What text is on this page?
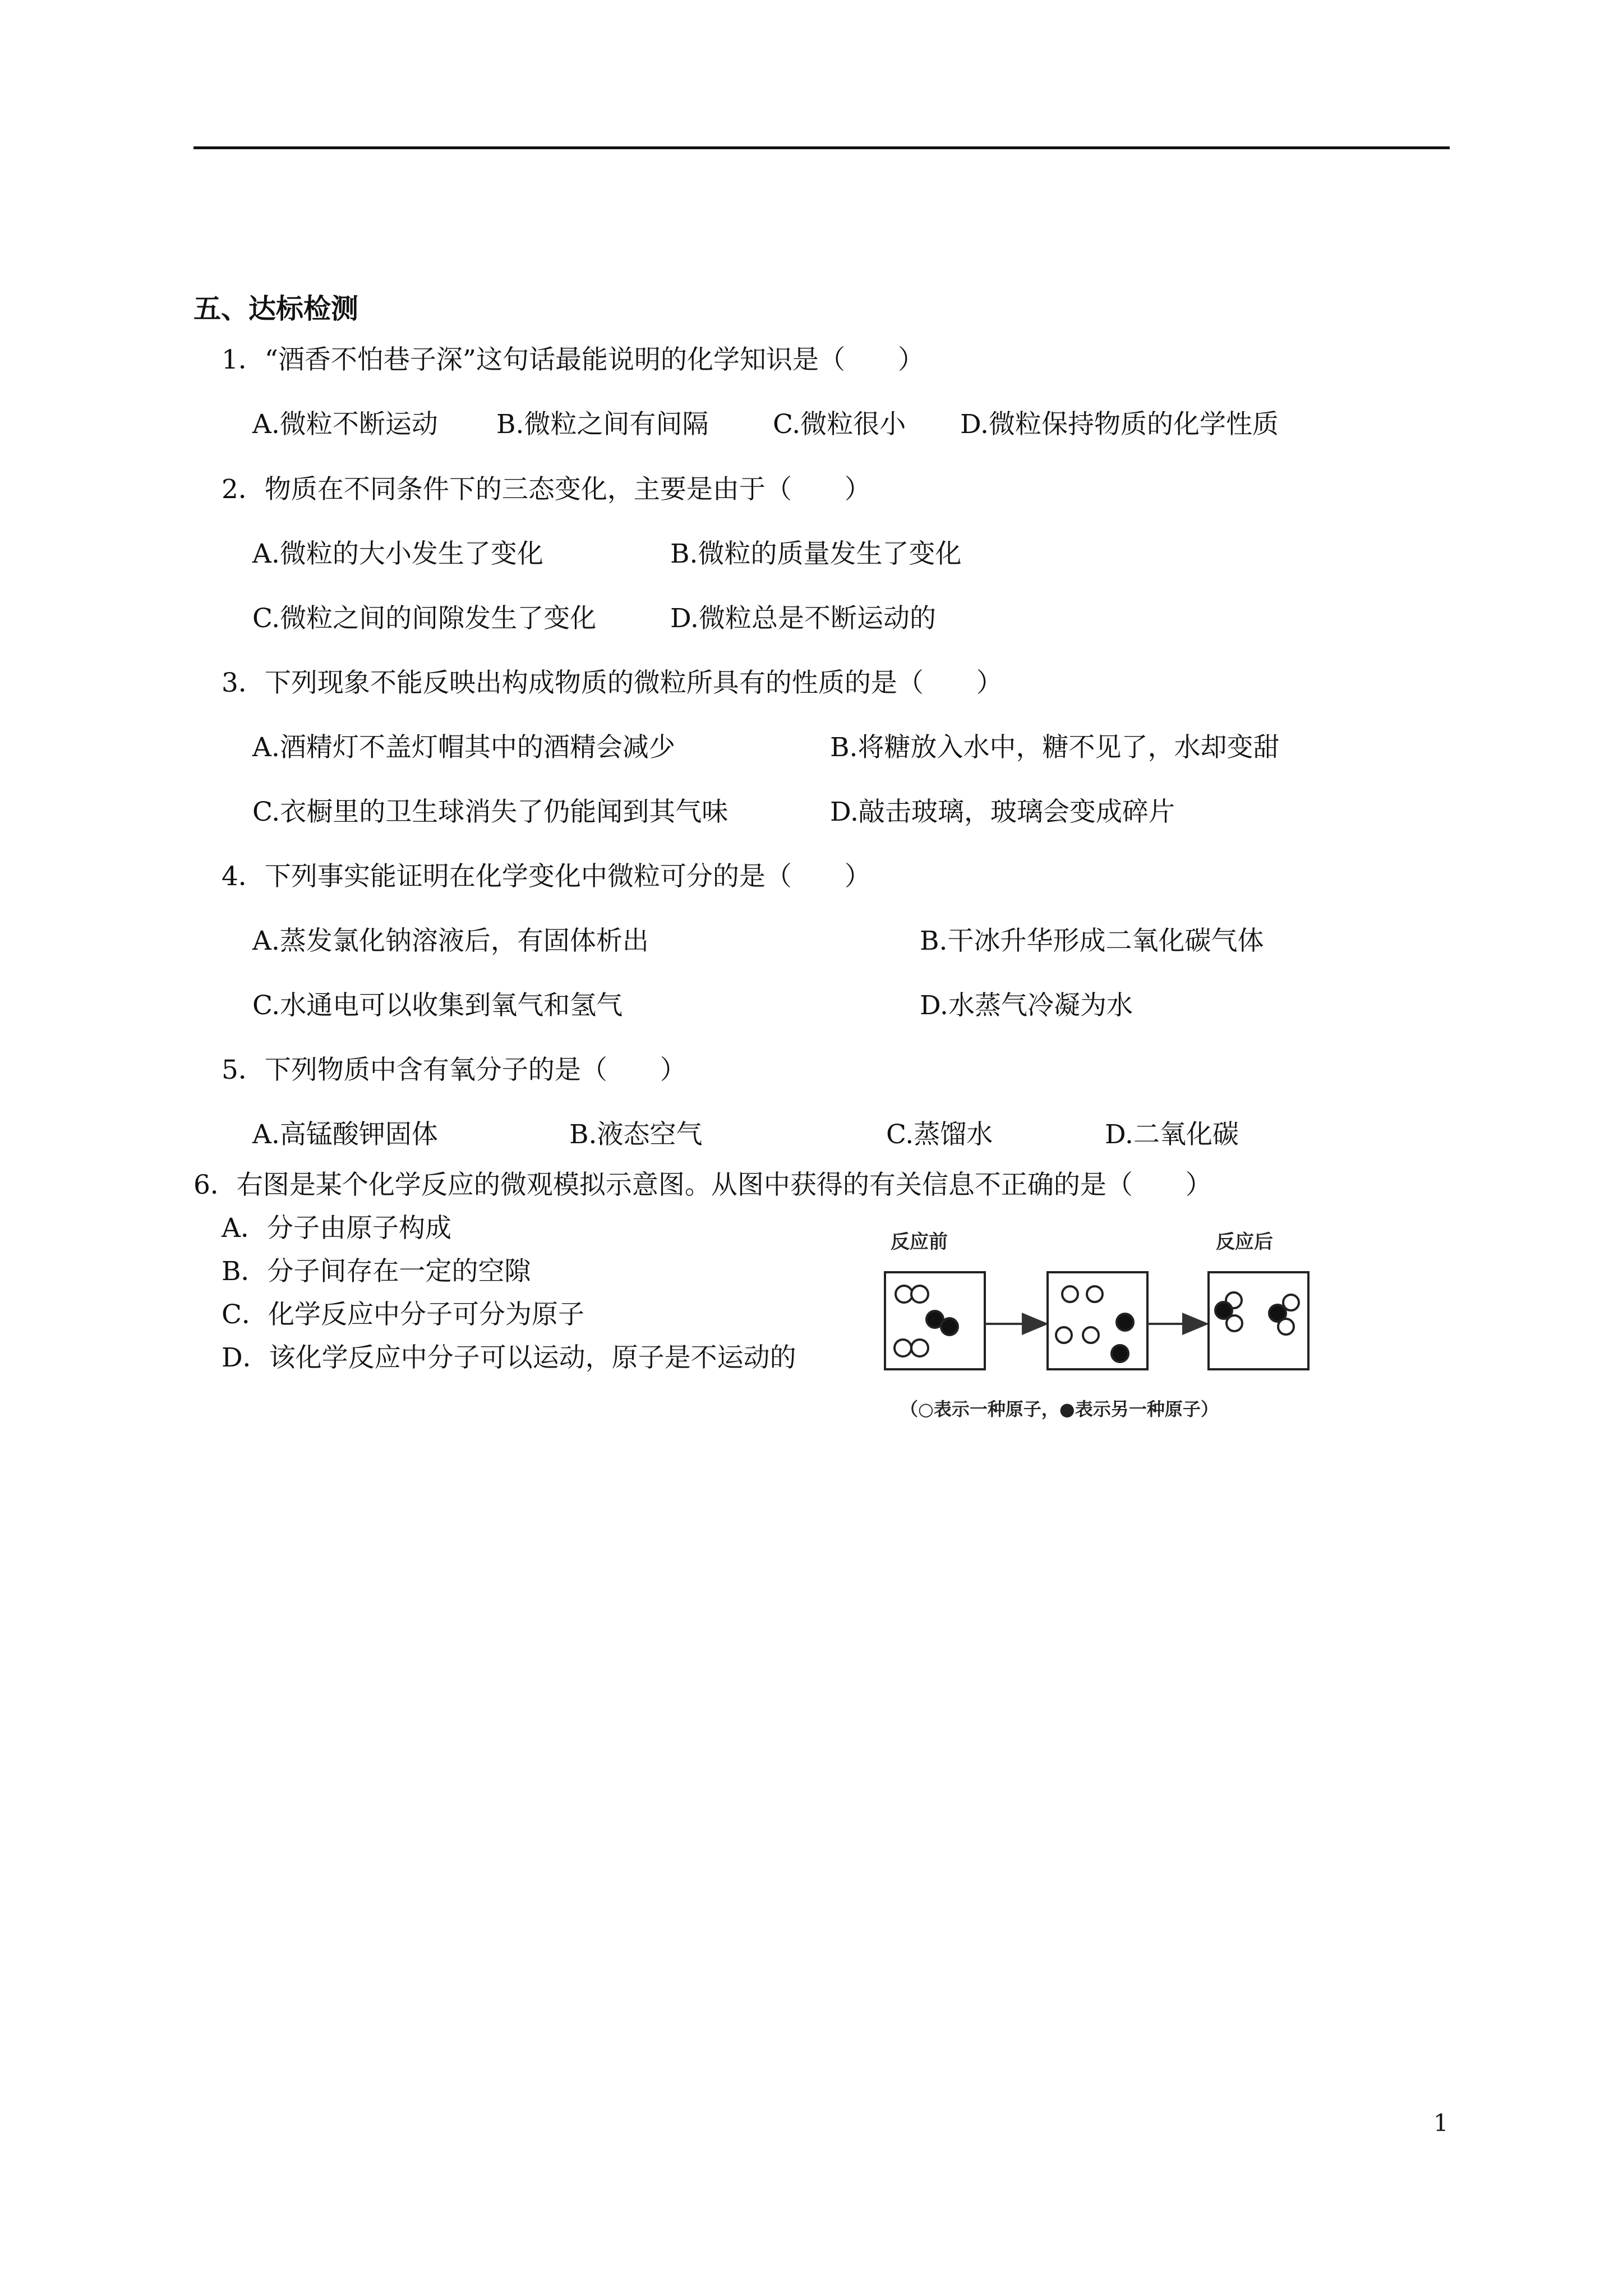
五、达标检测
1．“酒香不怕巷子深”这句话最能说明的化学知识是（　　）
A.微粒不断运动 B.微粒之间有间隔 C.微粒很小 D.微粒保持物质的化学性质
2．物质在不同条件下的三态变化，主要是由于（　　）
A.微粒的大小发生了变化	B.微粒的质量发生了变化
C.微粒之间的间隙发生了变化	D.微粒总是不断运动的
3．下列现象不能反映出构成物质的微粒所具有的性质的是（　　）
A.酒精灯不盖灯帽其中的酒精会减少	B.将糖放入水中，糖不见了，水却变甜
C.衣橱里的卫生球消失了仍能闻到其气味	D.敲击玻璃，玻璃会变成碎片
4．下列事实能证明在化学变化中微粒可分的是（　　）
A.蒸发氯化钠溶液后，有固体析出	B.干冰升华形成二氧化碳气体
C.水通电可以收集到氧气和氢气	D.水蒸气冷凝为水
5．下列物质中含有氧分子的是（　　）
A.高锰酸钾固体	B.液态空气	C.蒸馏水	D.二氧化碳
6．右图是某个化学反应的微观模拟示意图。从图中获得的有关信息不正确的是（　　）
A．分子由原子构成
B．分子间存在一定的空隙
C．化学反应中分子可分为原子
D．该化学反应中分子可以运动，原子是不运动的
反应前	反应后
（○表示一种原子，●表示另一种原子）
1
